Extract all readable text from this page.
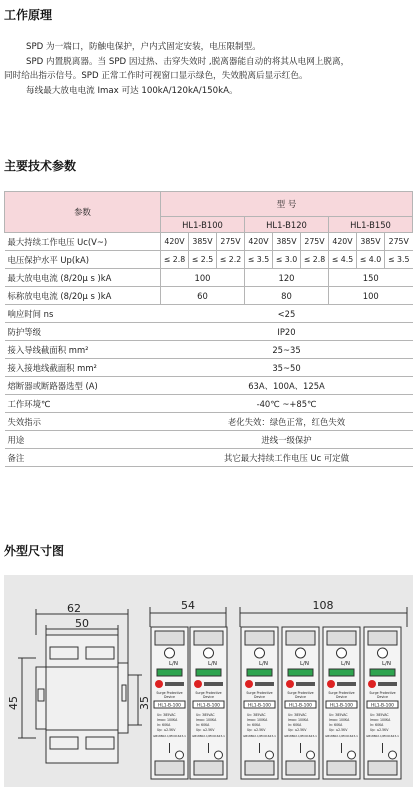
工作原理
SPD 为一端口，防触电保护，户内式固定安装，电压限制型。
SPD 内置脱离器。当 SPD 因过热、击穿失效时 ,脱离器能自动的将其从电网上脱离，
同时给出指示信号。SPD 正常工作时可视窗口显示绿色，失效脱离后显示红色。
每线最大放电电流 Imax 可达 100kA/120kA/150kA。
主要技术参数
参数	型 号								
	HL1-B100			HL1-B120			HL1-B150		
最大持续工作电压 Uc(V~)	420V	385V	275V	420V	385V	275V	420V	385V	275V
电压保护水平 Up(kA)	≤ 2.8	≤ 2.5	≤ 2.2	≤ 3.5	≤ 3.0	≤ 2.8	≤ 4.5	≤ 4.0	≤ 3.5
最大放电电流 (8/20μ s )kA	100			120			150		
标称放电电流 (8/20μ s )kA	60			80			100		
响应时间 ns	<25								
防护等级	IP20								
接入导线截面积 mm²	25~35								
接入接地线截面积 mm²	35~50								
熔断器或断路器选型 (A)	63A、100A、125A								
工作环境℃	-40℃ ~+85℃								
失效指示	老化失效：绿色正常，红色失效								
用途	进线一级保护								
备注	其它最大持续工作电压 Uc 可定做								
外型尺寸图
62
50
45	35
54	108
L/N
Surge Protective
Device
HL1-B-100
Uc: 385VAC
Imax: 100KA
In: 60KA
Up: ≤2.5KV
GB18802.1/IEC61643-1
L/N
Surge Protective
Device
HL1-B-100
Uc: 385VAC
Imax: 100KA
In: 60KA
Up: ≤2.5KV
GB18802.1/IEC61643-1
L/N
Surge Protective
Device
HL1-B-100
Uc: 385VAC
Imax: 100KA
In: 60KA
Up: ≤2.5KV
GB18802.1/IEC61643-1
L/N
Surge Protective
Device
HL1-B-100
Uc: 385VAC
Imax: 100KA
In: 60KA
Up: ≤2.5KV
GB18802.1/IEC61643-1
L/N
Surge Protective
Device
HL1-B-100
Uc: 385VAC
Imax: 100KA
In: 60KA
Up: ≤2.5KV
GB18802.1/IEC61643-1
L/N
Surge Protective
Device
HL1-B-100
Uc: 385VAC
Imax: 100KA
In: 60KA
Up: ≤2.5KV
GB18802.1/IEC61643-1
